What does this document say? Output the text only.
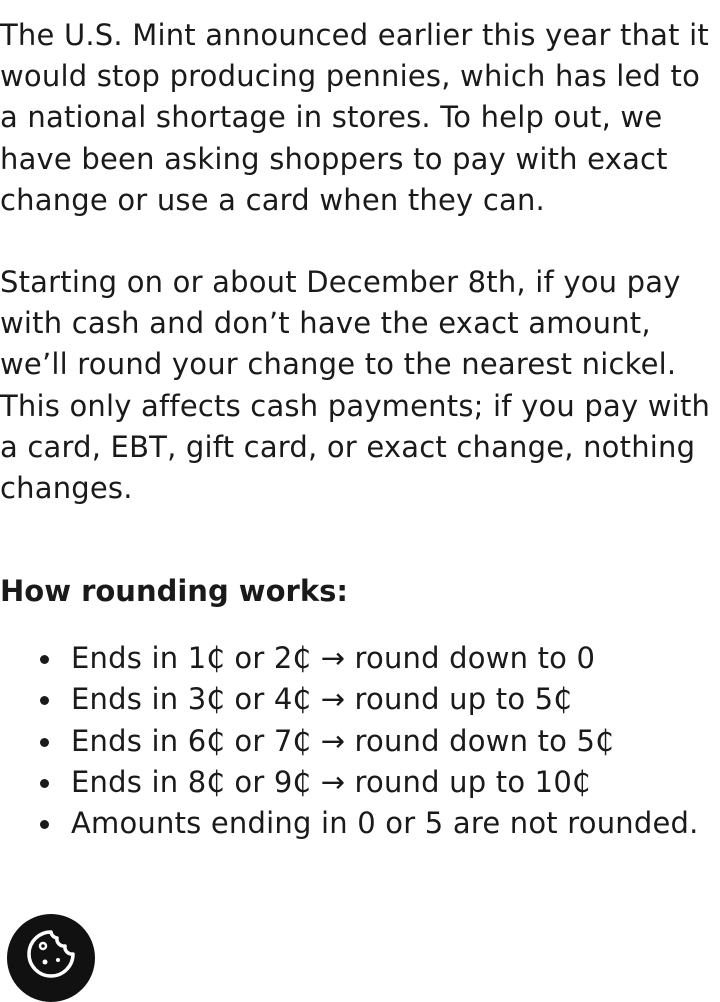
The U.S. Mint announced earlier this year that it would stop producing pennies, which has led to a national shortage in stores. To help out, we have been asking shoppers to pay with exact change or use a card when they can.

Starting on or about December 8th, if you pay with cash and don’t have the exact amount, we’ll round your change to the nearest nickel. This only affects cash payments; if you pay with a card, EBT, gift card, or exact change, nothing changes.

How rounding works:
Ends in 1₵ or 2₵ → round down to 0
Ends in 3₵ or 4₵ → round up to 5₵
Ends in 6₵ or 7₵ → round down to 5₵
Ends in 8₵ or 9₵ → round up to 10₵
Amounts ending in 0 or 5 are not rounded.
